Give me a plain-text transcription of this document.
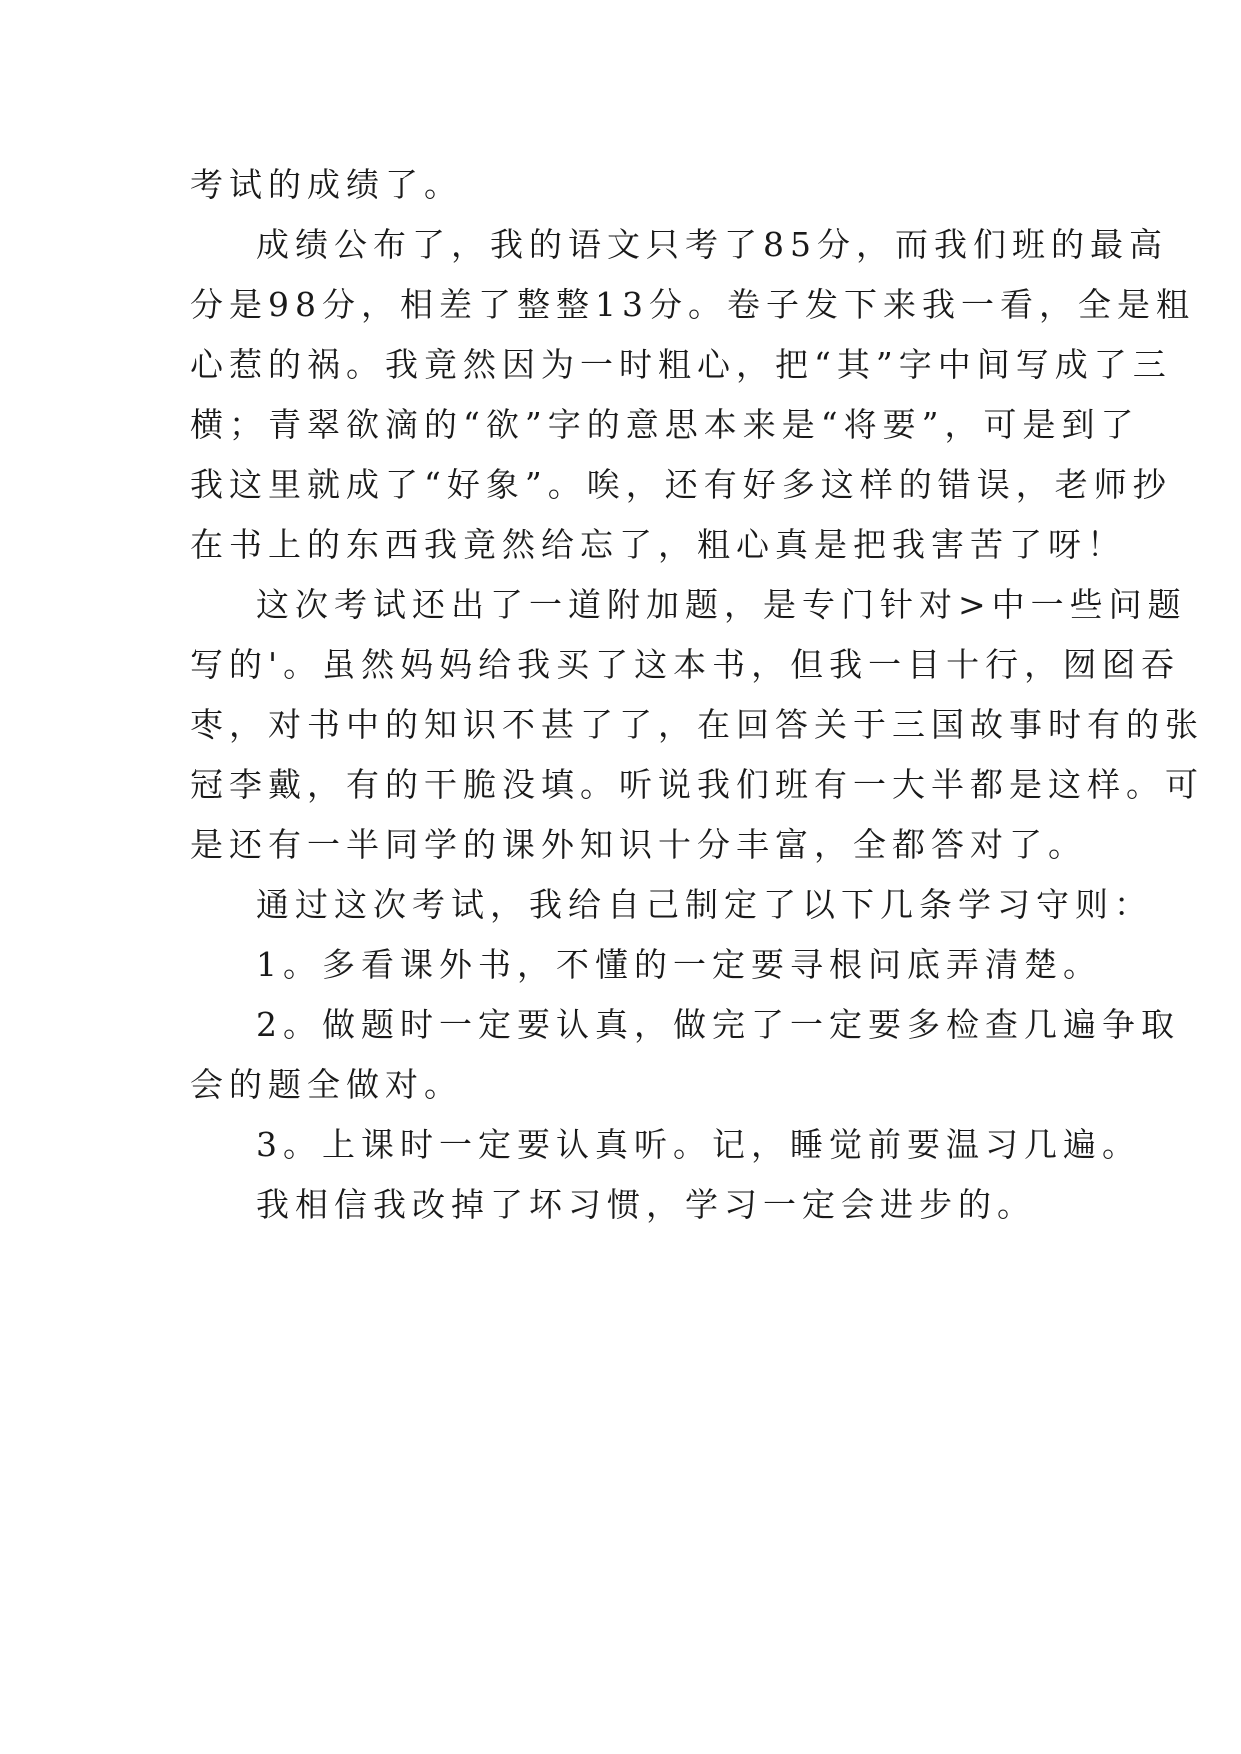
考试的成绩了。
成绩公布了，我的语文只考了85分，而我们班的最高
分是98分，相差了整整13分。卷子发下来我一看，全是粗
心惹的祸。我竟然因为一时粗心，把“其”字中间写成了三
横；青翠欲滴的“欲”字的意思本来是“将要”，可是到了
我这里就成了“好象”。唉，还有好多这样的错误，老师抄
在书上的东西我竟然给忘了，粗心真是把我害苦了呀！
这次考试还出了一道附加题，是专门针对>中一些问题
写的'。虽然妈妈给我买了这本书，但我一目十行，囫囵吞
枣，对书中的知识不甚了了，在回答关于三国故事时有的张
冠李戴，有的干脆没填。听说我们班有一大半都是这样。可
是还有一半同学的课外知识十分丰富，全都答对了。
通过这次考试，我给自己制定了以下几条学习守则：
1。多看课外书，不懂的一定要寻根问底弄清楚。
2。做题时一定要认真，做完了一定要多检查几遍争取
会的题全做对。
3。上课时一定要认真听。记，睡觉前要温习几遍。
我相信我改掉了坏习惯，学习一定会进步的。
